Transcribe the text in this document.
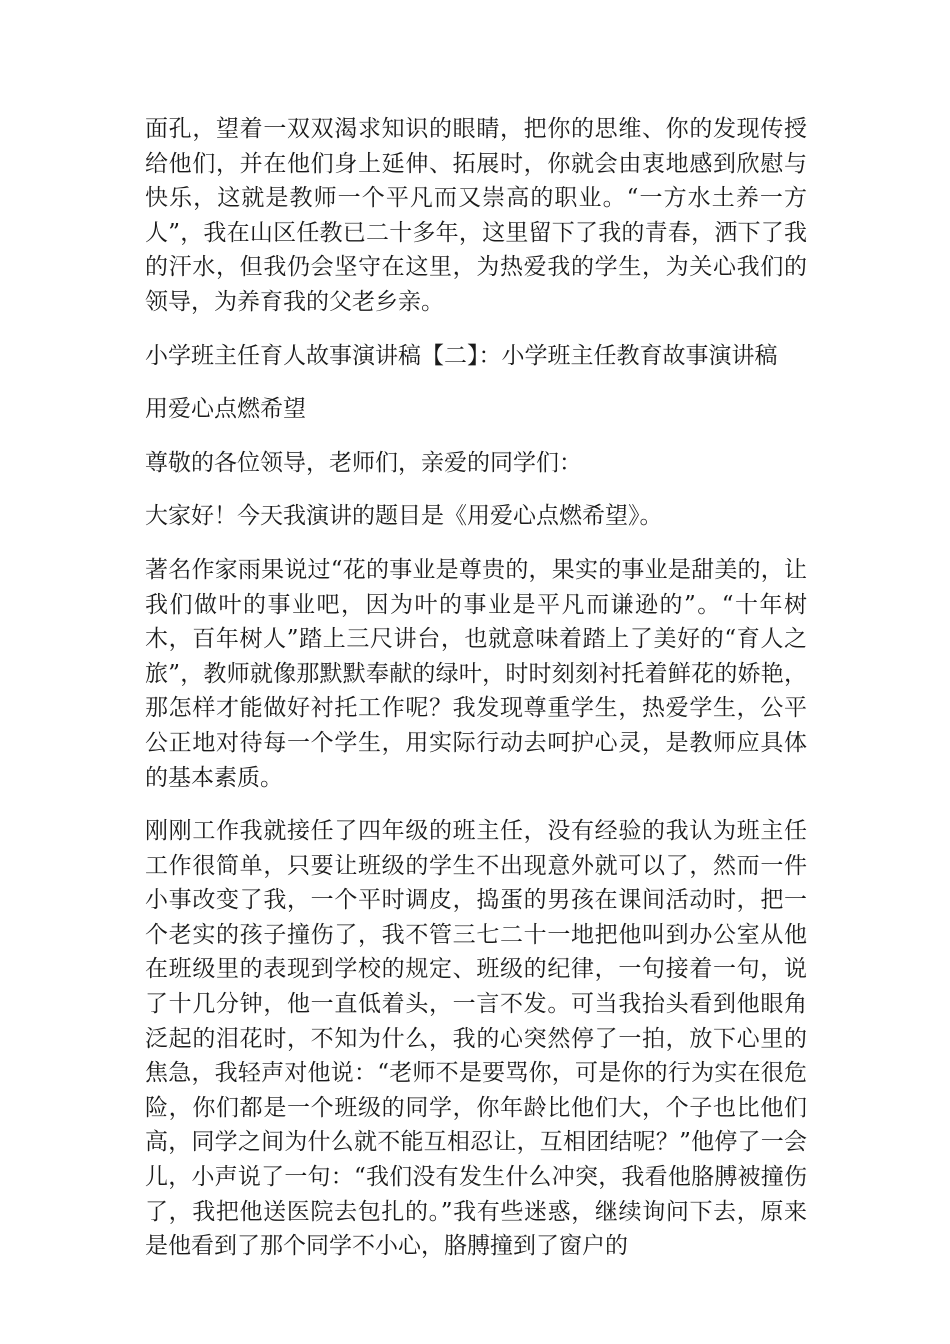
面孔，望着一双双渴求知识的眼睛，把你的思维、你的发现传授给他们，并在他们身上延伸、拓展时，你就会由衷地感到欣慰与快乐，这就是教师一个平凡而又崇高的职业。“一方水土养一方人”，我在山区任教已二十多年，这里留下了我的青春，洒下了我的汗水，但我仍会坚守在这里，为热爱我的学生，为关心我们的领导，为养育我的父老乡亲。

小学班主任育人故事演讲稿【二】：小学班主任教育故事演讲稿

用爱心点燃希望

尊敬的各位领导，老师们，亲爱的同学们：

大家好！今天我演讲的题目是《用爱心点燃希望》。

著名作家雨果说过“花的事业是尊贵的，果实的事业是甜美的，让我们做叶的事业吧，因为叶的事业是平凡而谦逊的”。“十年树木，百年树人”踏上三尺讲台，也就意味着踏上了美好的“育人之旅”，教师就像那默默奉献的绿叶，时时刻刻衬托着鲜花的娇艳，那怎样才能做好衬托工作呢？我发现尊重学生，热爱学生，公平公正地对待每一个学生，用实际行动去呵护心灵，是教师应具体的基本素质。

刚刚工作我就接任了四年级的班主任，没有经验的我认为班主任工作很简单，只要让班级的学生不出现意外就可以了，然而一件小事改变了我，一个平时调皮，捣蛋的男孩在课间活动时，把一个老实的孩子撞伤了，我不管三七二十一地把他叫到办公室从他在班级里的表现到学校的规定、班级的纪律，一句接着一句，说了十几分钟，他一直低着头，一言不发。可当我抬头看到他眼角泛起的泪花时，不知为什么，我的心突然停了一拍，放下心里的焦急，我轻声对他说：“老师不是要骂你，可是你的行为实在很危险，你们都是一个班级的同学，你年龄比他们大，个子也比他们高，同学之间为什么就不能互相忍让，互相团结呢？”他停了一会儿，小声说了一句：“我们没有发生什么冲突，我看他胳膊被撞伤了，我把他送医院去包扎的。”我有些迷惑，继续询问下去，原来是他看到了那个同学不小心，胳膊撞到了窗户的
